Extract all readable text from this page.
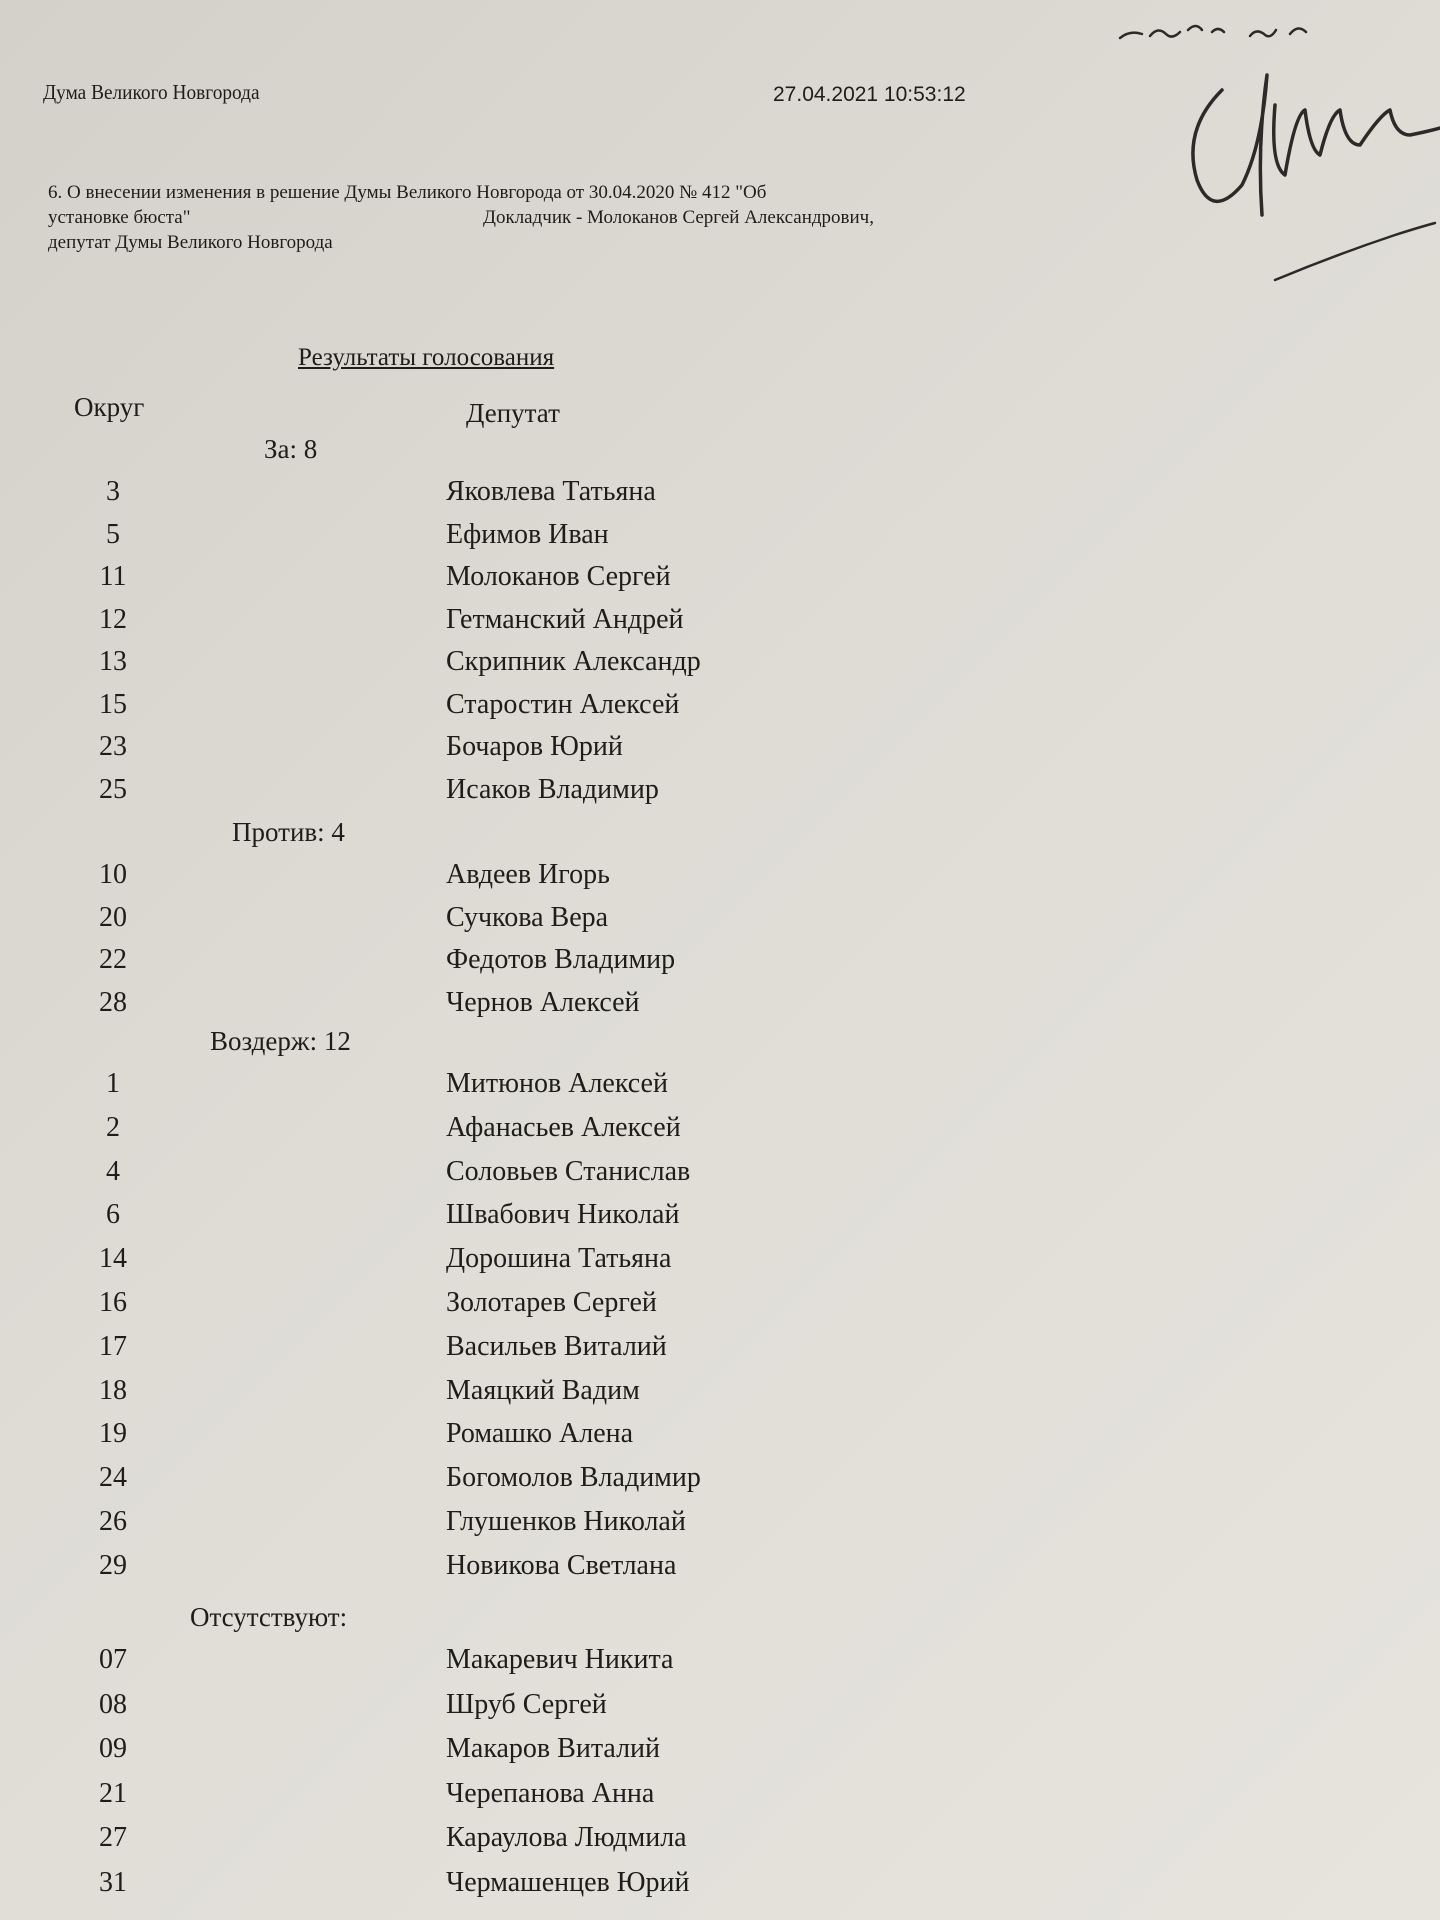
Дума Великого Новгорода	27.04.2021 10:53:12
6. О внесении изменения в решение Думы Великого Новгорода от 30.04.2020 № 412 "Об
установке бюста"	Докладчик - Молоканов Сергей Александрович,
депутат Думы Великого Новгорода
Результаты голосования
Округ	Депутат
За: 8
3	Яковлева Татьяна
5	Ефимов Иван
11	Молоканов Сергей
12	Гетманский Андрей
13	Скрипник Александр
15	Старостин Алексей
23	Бочаров Юрий
25	Исаков Владимир
Против: 4
10	Авдеев Игорь
20	Сучкова Вера
22	Федотов Владимир
28	Чернов Алексей
Воздерж: 12
1	Митюнов Алексей
2	Афанасьев Алексей
4	Соловьев Станислав
6	Швабович Николай
14	Дорошина Татьяна
16	Золотарев Сергей
17	Васильев Виталий
18	Маяцкий Вадим
19	Ромашко Алена
24	Богомолов Владимир
26	Глушенков Николай
29	Новикова Светлана
Отсутствуют:
07	Макаревич Никита
08	Шруб Сергей
09	Макаров Виталий
21	Черепанова Анна
27	Караулова Людмила
31	Чермашенцев Юрий
